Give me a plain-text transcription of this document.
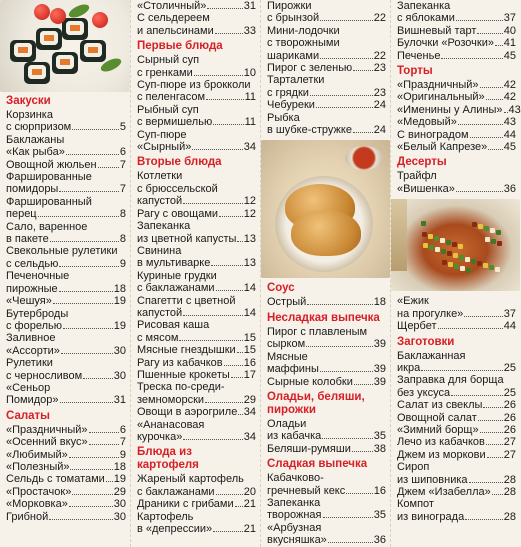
Закуски
Корзинка
с сюрпризом	5
Баклажаны
«Как рыба»	6
Овощной жюльен 7
Фаршированные
помидоры	7
Фаршированный
перец	8
Сало, варенное
в пакете	8
Свекольные рулетики
с сельдью	9
Печеночные
пирожные	18
«Чешуя»	19
Бутерброды
с форелью	19
Заливное
«Ассорти»	30
Рулетики
с черносливом	30
«Сеньор
Помидор»	31
Салаты
«Праздничный»	6
«Осенний вкус»	7
«Любимый»	9
«Полезный»	18
Сельдь с томатами 19
«Простачок»	29
«Морковка»	30
Грибной	30
«Столичный»	31
С сельдереем
и апельсинами	33
Первые блюда
Сырный суп
с гренками	10
Суп-пюре из брокколи
с пеленгасом	11
Рыбный суп
с вермишелью	11
Суп-пюре
«Сырный»	34
Вторые блюда
Котлетки
с брюссельской
капустой	12
Рагу с овощами 12
Запеканка
из цветной капусты 13
Свинина
в мультиварке	13
Куриные грудки
с баклажанами	14
Спагетти с цветной
капустой	14
Рисовая каша
с мясом	15
Мясные гнездышки 15
Рагу из кабачков 16
Пшенные крокеты 17
Треска по-среди-
земноморски	29
Овощи в аэрогриле 34
«Ананасовая
курочка»	34
Блюда из картофеля
Жареный картофель
с баклажанами	20
Драники с грибами 21
Картофель
в «депрессии»	21
Пирожки
с брынзой	22
Мини-лодочки
с творожными
шариками	22
Пирог с зеленью 23
Тарталетки
с грядки	23
Чебуреки	24
Рыбка
в шубке-стружке 24
Соус
Острый	18
Несладкая выпечка
Пирог с плавленым
сырком	39
Мясные
маффины	39
Сырные колобки 39
Оладьи, беляши, пирожки
Оладьи
из кабачка	35
Беляши-румяши 38
Сладкая выпечка
Кабачково-
гречневый кекс	16
Запеканка
творожная	35
«Арбузная
вкусняшка»	36
Запеканка
с яблоками	37
Вишневый тарт 40
Булочки «Розочки» 41
Печенье	45
Торты
«Праздничный» 42
«Оригинальный» 42
«Именины у Алины» 43
«Медовый»	43
С виноградом	44
«Белый Капрезе» 45
Десерты
Трайфл
«Вишенка»	36
«Ежик
на прогулке»	37
Щербет	44
Заготовки
Баклажанная
икра	25
Заправка для борща
без уксуса	25
Салат из свеклы 26
Овощной салат 26
«Зимний борщ» 26
Лечо из кабачков 27
Джем из моркови 27
Сироп
из шиповника	28
Джем «Изабелла» 28
Компот
из винограда	28
